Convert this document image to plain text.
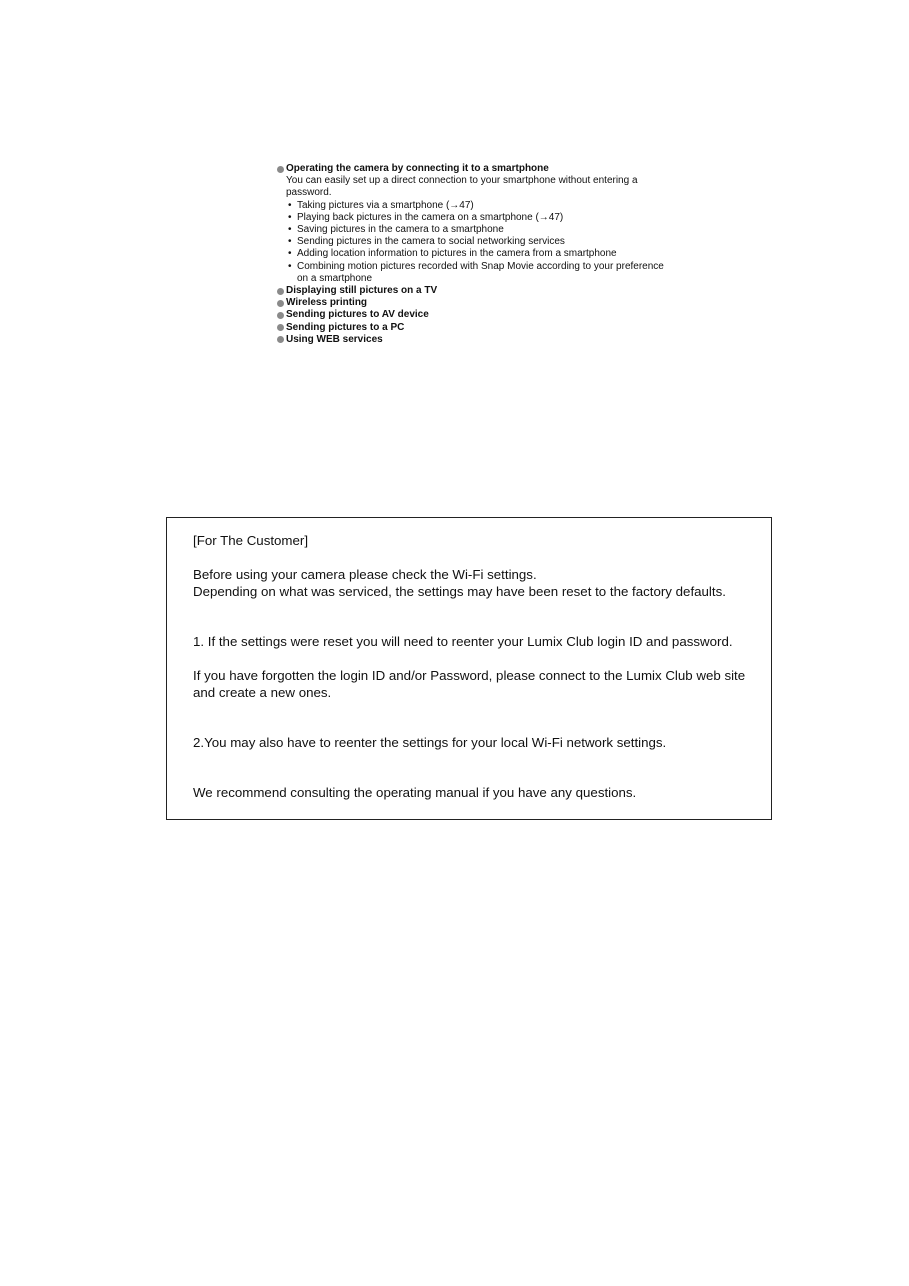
Operating the camera by connecting it to a smartphone
You can easily set up a direct connection to your smartphone without entering a password.
• Taking pictures via a smartphone (→47)
• Playing back pictures in the camera on a smartphone (→47)
• Saving pictures in the camera to a smartphone
• Sending pictures in the camera to social networking services
• Adding location information to pictures in the camera from a smartphone
• Combining motion pictures recorded with Snap Movie according to your preference on a smartphone
Displaying still pictures on a TV
Wireless printing
Sending pictures to AV device
Sending pictures to a PC
Using WEB services

[For The Customer]

Before using your camera please check the Wi-Fi settings.

Depending on what was serviced, the settings may have been reset to the factory defaults.

1. If the settings were reset you will need to reenter your Lumix Club login ID and password.

If you have forgotten the login ID and/or Password, please connect to the Lumix Club web site and create a new ones.

2.You may also have to reenter the settings for your local Wi-Fi network settings.

We recommend consulting the operating manual if you have any questions.
